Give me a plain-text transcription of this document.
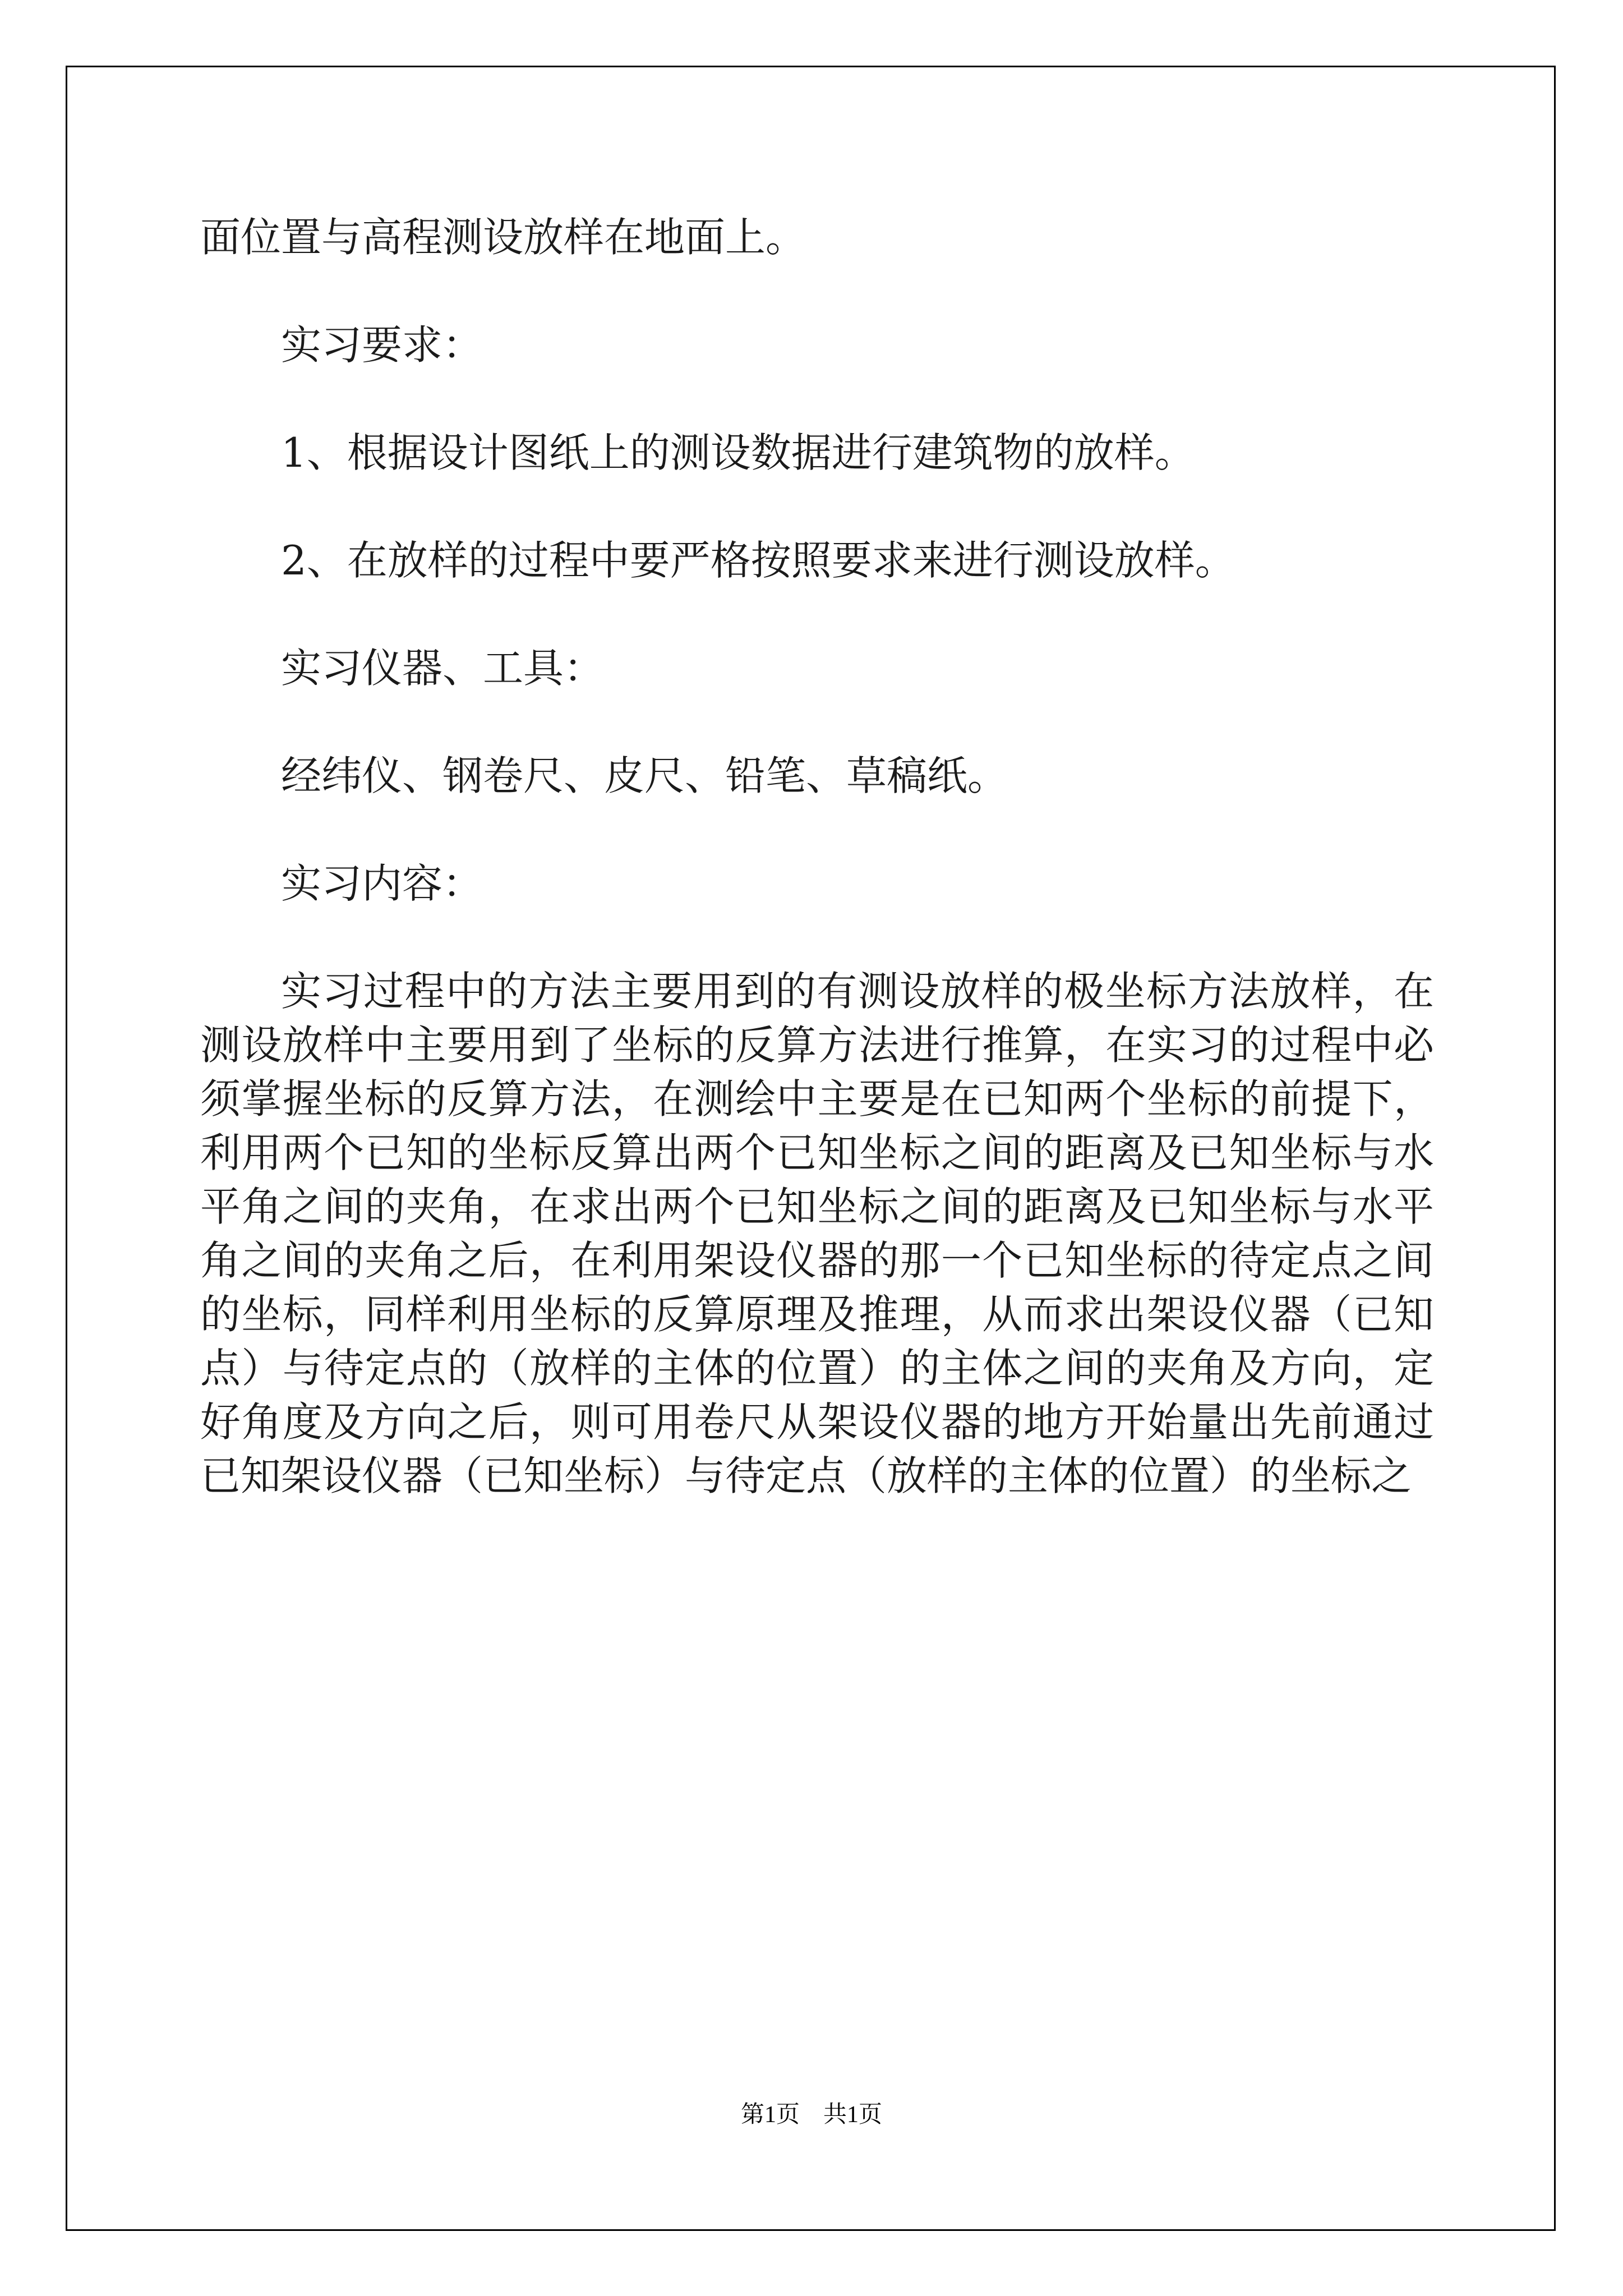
面位置与高程测设放样在地面上。

实习要求：

1、根据设计图纸上的测设数据进行建筑物的放样。

2、在放样的过程中要严格按照要求来进行测设放样。

实习仪器、工具：

经纬仪、钢卷尺、皮尺、铅笔、草稿纸。

实习内容：

实习过程中的方法主要用到的有测设放样的极坐标方法放样，在测设放样中主要用到了坐标的反算方法进行推算，在实习的过程中必须掌握坐标的反算方法，在测绘中主要是在已知两个坐标的前提下，利用两个已知的坐标反算出两个已知坐标之间的距离及已知坐标与水平角之间的夹角，在求出两个已知坐标之间的距离及已知坐标与水平角之间的夹角之后，在利用架设仪器的那一个已知坐标的待定点之间的坐标，同样利用坐标的反算原理及推理，从而求出架设仪器（已知点）与待定点的（放样的主体的位置）的主体之间的夹角及方向，定好角度及方向之后，则可用卷尺从架设仪器的地方开始量出先前通过已知架设仪器（已知坐标）与待定点（放样的主体的位置）的坐标之

第1页　共1页
